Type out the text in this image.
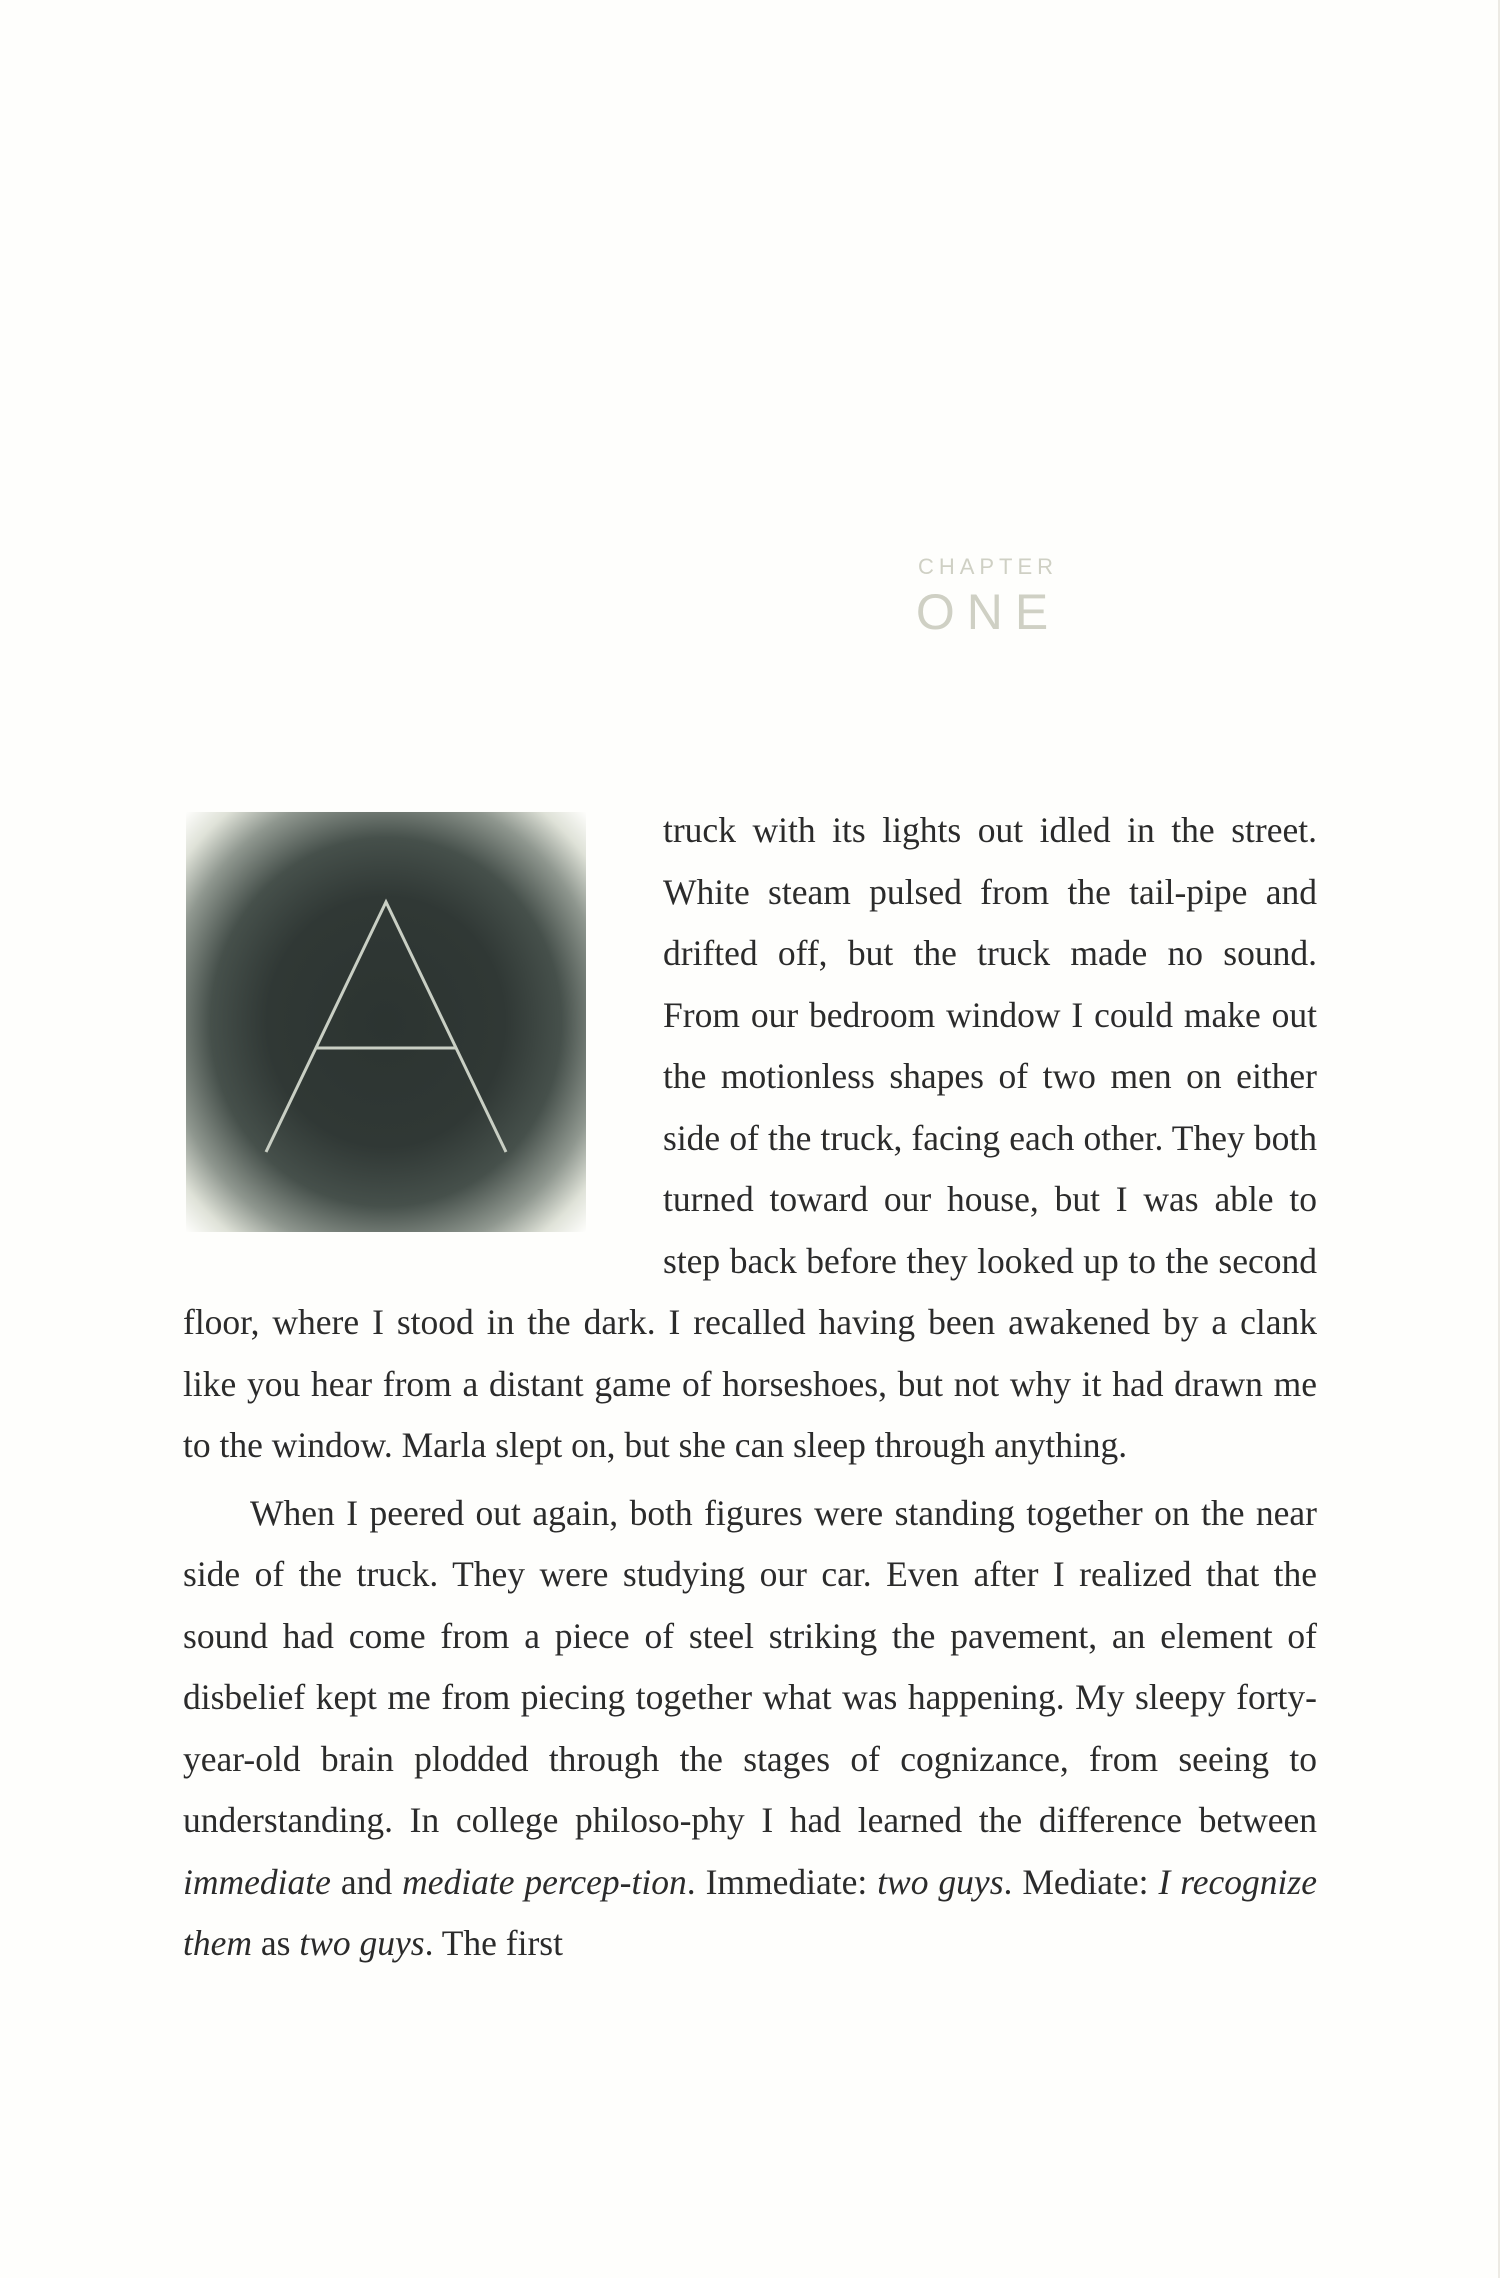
CHAPTER
ONE

truck with its lights out idled in the street. White steam pulsed from the tail-pipe and drifted off, but the truck made no sound. From our bedroom window I could make out the motionless shapes of two men on either side of the truck, facing each other. They both turned toward our house, but I was able to step back before they looked up to the second floor, where I stood in the dark. I recalled having been awakened by a clank like you hear from a distant game of horseshoes, but not why it had drawn me to the window. Marla slept on, but she can sleep through anything.

When I peered out again, both figures were standing together on the near side of the truck. They were studying our car. Even after I realized that the sound had come from a piece of steel striking the pavement, an element of disbelief kept me from piecing together what was happening. My sleepy forty-year-old brain plodded through the stages of cognizance, from seeing to understanding. In college philoso-phy I had learned the difference between immediate and mediate percep-tion. Immediate: two guys. Mediate: I recognize them as two guys. The first
